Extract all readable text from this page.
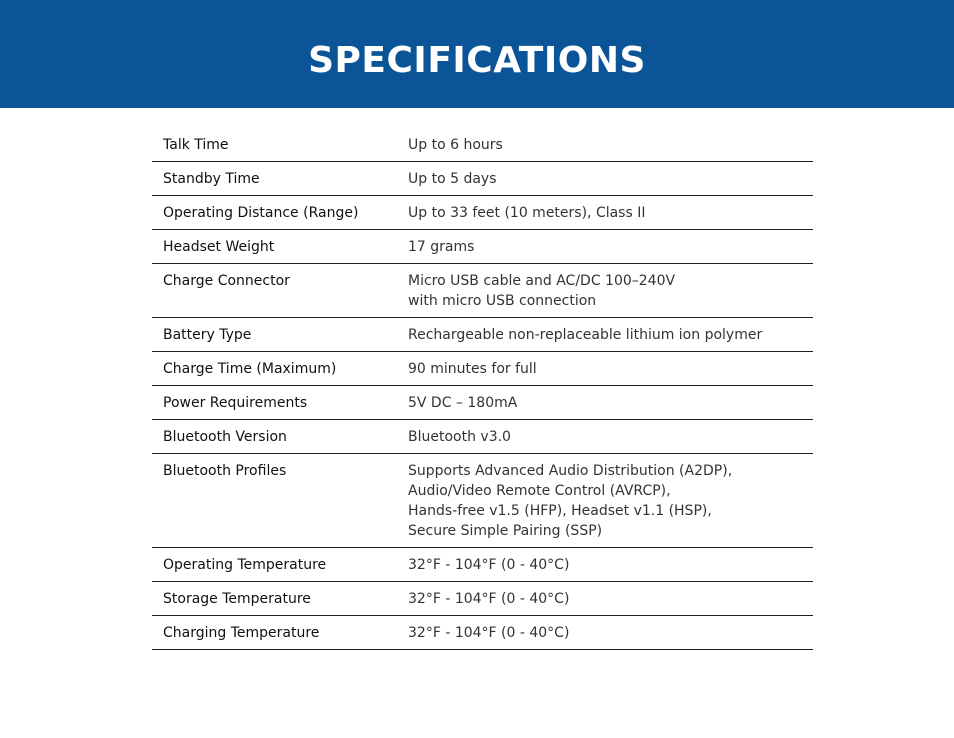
SPECIFICATIONS
Talk Time	Up to 6 hours

Standby Time	Up to 5 days

Operating Distance (Range)	Up to 33 feet (10 meters), Class II

Headset Weight	17 grams

Charge Connector	Micro USB cable and AC/DC 100–240V
with micro USB connection

Battery Type	Rechargeable non-replaceable lithium ion polymer

Charge Time (Maximum)	90 minutes for full

Power Requirements	5V DC – 180mA

Bluetooth Version	Bluetooth v3.0

Bluetooth Profiles	Supports Advanced Audio Distribution (A2DP),
Audio/Video Remote Control (AVRCP),
Hands-free v1.5 (HFP), Headset v1.1 (HSP),
Secure Simple Pairing (SSP)

Operating Temperature	32°F - 104°F (0 - 40°C)

Storage Temperature	32°F - 104°F (0 - 40°C)

Charging Temperature	32°F - 104°F (0 - 40°C)
